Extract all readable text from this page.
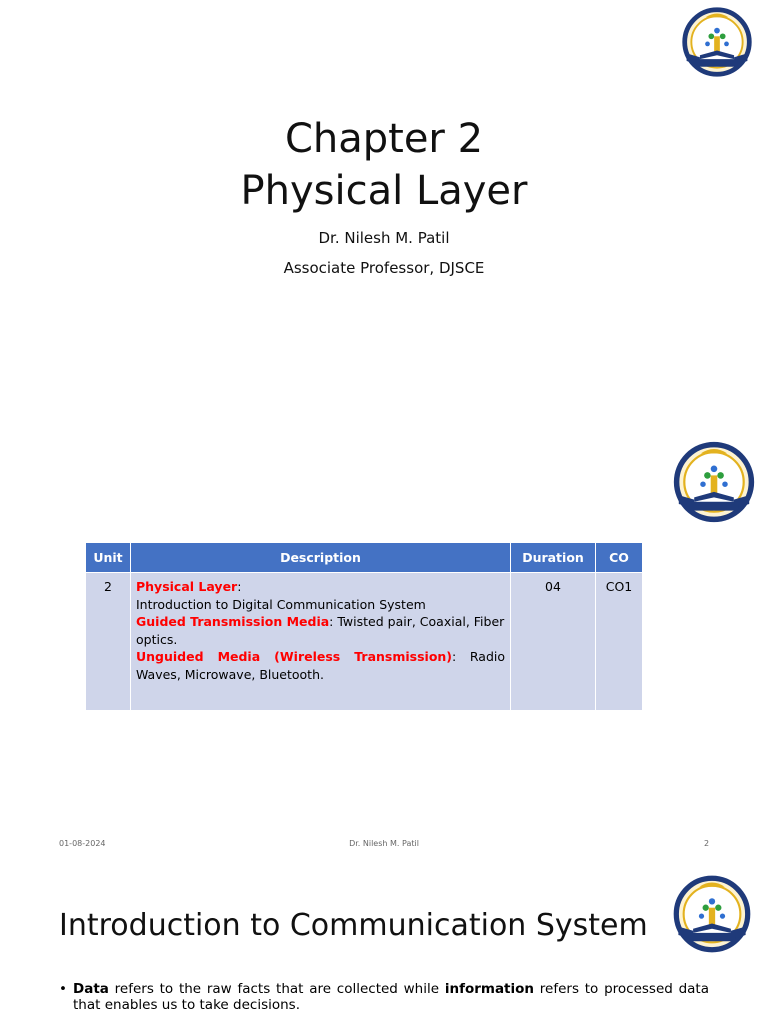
Chapter 2
Physical Layer
Dr. Nilesh M. Patil
Associate Professor, DJSCE
Unit	Description	Duration	CO
2	Physical Layer:
Introduction to Digital Communication System
Guided Transmission Media: Twisted pair, Coaxial, Fiber optics.
Unguided Media (Wireless Transmission): Radio Waves, Microwave, Bluetooth.	04	CO1
01-08-2024	Dr. Nilesh M. Patil	2
Introduction to Communication System
• Data refers to the raw facts that are collected while information refers to processed data that enables us to take decisions.
